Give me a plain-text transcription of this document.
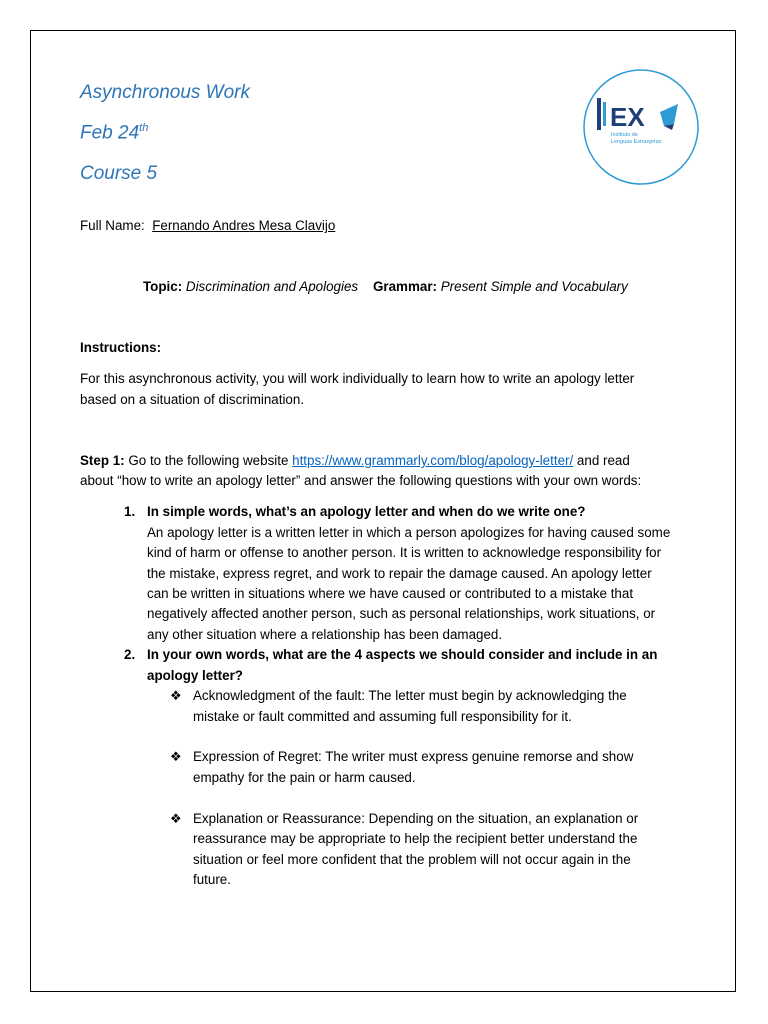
Asynchronous Work
Feb 24th
Course 5
EX
Instituto de
Lenguas Extranjeras
Full Name: Fernando Andres Mesa Clavijo
Topic: Discrimination and Apologies Grammar: Present Simple and Vocabulary
Instructions:
For this asynchronous activity, you will work individually to learn how to write an apology letter
based on a situation of discrimination.
Step 1: Go to the following website https://www.grammarly.com/blog/apology-letter/ and read
about “how to write an apology letter” and answer the following questions with your own words:
1. In simple words, what’s an apology letter and when do we write one?
An apology letter is a written letter in which a person apologizes for having caused some
kind of harm or offense to another person. It is written to acknowledge responsibility for
the mistake, express regret, and work to repair the damage caused. An apology letter
can be written in situations where we have caused or contributed to a mistake that
negatively affected another person, such as personal relationships, work situations, or
any other situation where a relationship has been damaged.
2. In your own words, what are the 4 aspects we should consider and include in an
apology letter?
❖ Acknowledgment of the fault: The letter must begin by acknowledging the
mistake or fault committed and assuming full responsibility for it.
❖ Expression of Regret: The writer must express genuine remorse and show
empathy for the pain or harm caused.
❖ Explanation or Reassurance: Depending on the situation, an explanation or
reassurance may be appropriate to help the recipient better understand the
situation or feel more confident that the problem will not occur again in the
future.
